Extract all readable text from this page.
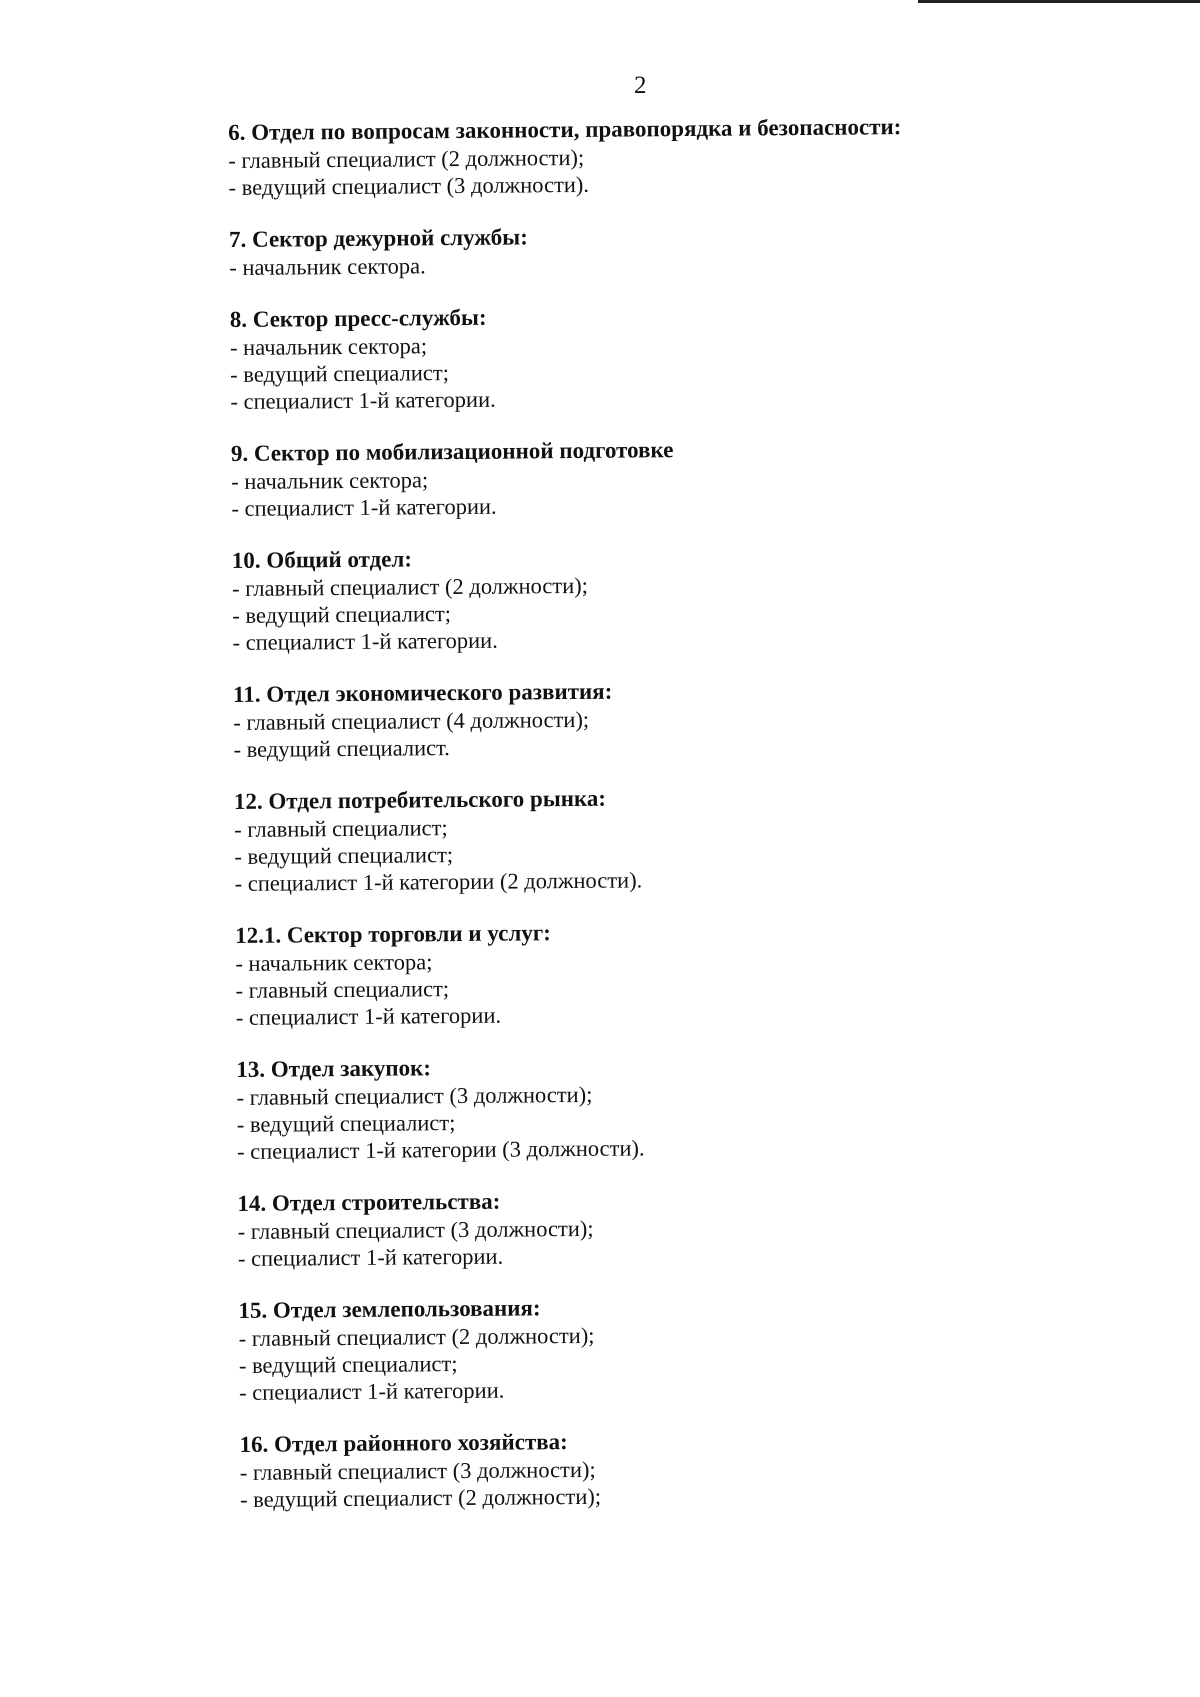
2
6. Отдел по вопросам законности, правопорядка и безопасности:
- главный специалист (2 должности);
- ведущий специалист (3 должности).
7. Сектор дежурной службы:
- начальник сектора.
8. Сектор пресс-службы:
- начальник сектора;
- ведущий специалист;
- специалист 1-й категории.
9. Сектор по мобилизационной подготовке
- начальник сектора;
- специалист 1-й категории.
10. Общий отдел:
- главный специалист (2 должности);
- ведущий специалист;
- специалист 1-й категории.
11. Отдел экономического развития:
- главный специалист (4 должности);
- ведущий специалист.
12. Отдел потребительского рынка:
- главный специалист;
- ведущий специалист;
- специалист 1-й категории (2 должности).
12.1. Сектор торговли и услуг:
- начальник сектора;
- главный специалист;
- специалист 1-й категории.
13. Отдел закупок:
- главный специалист (3 должности);
- ведущий специалист;
- специалист 1-й категории (3 должности).
14. Отдел строительства:
- главный специалист (3 должности);
- специалист 1-й категории.
15. Отдел землепользования:
- главный специалист (2 должности);
- ведущий специалист;
- специалист 1-й категории.
16. Отдел районного хозяйства:
- главный специалист (3 должности);
- ведущий специалист (2 должности);
